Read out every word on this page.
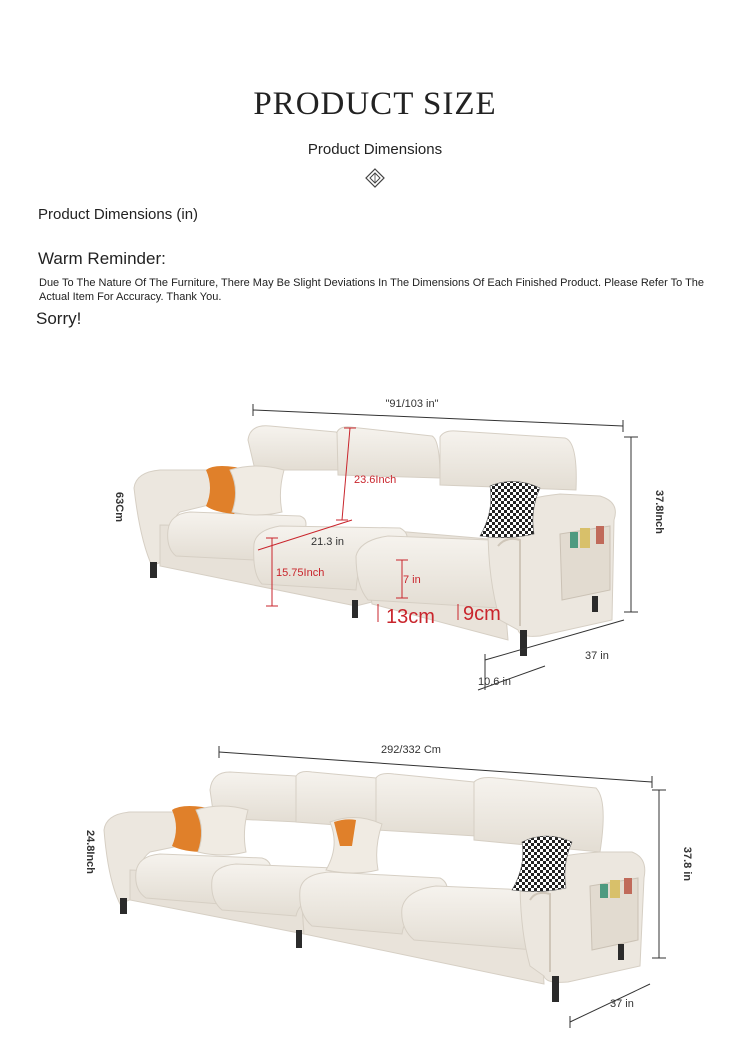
PRODUCT SIZE
Product Dimensions
Product Dimensions (in)
Warm Reminder:
Due To The Nature Of The Furniture, There May Be Slight Deviations In The Dimensions Of Each Finished Product. Please Refer To The Actual Item For Accuracy. Thank You.
Sorry!
"91/103 in"
63Cm
23.6Inch
21.3 in
15.75Inch
7 in
13cm 9cm
37.8Inch
37 in
10.6 in
292/332 Cm
24.8Inch	37.8 in
37 in
